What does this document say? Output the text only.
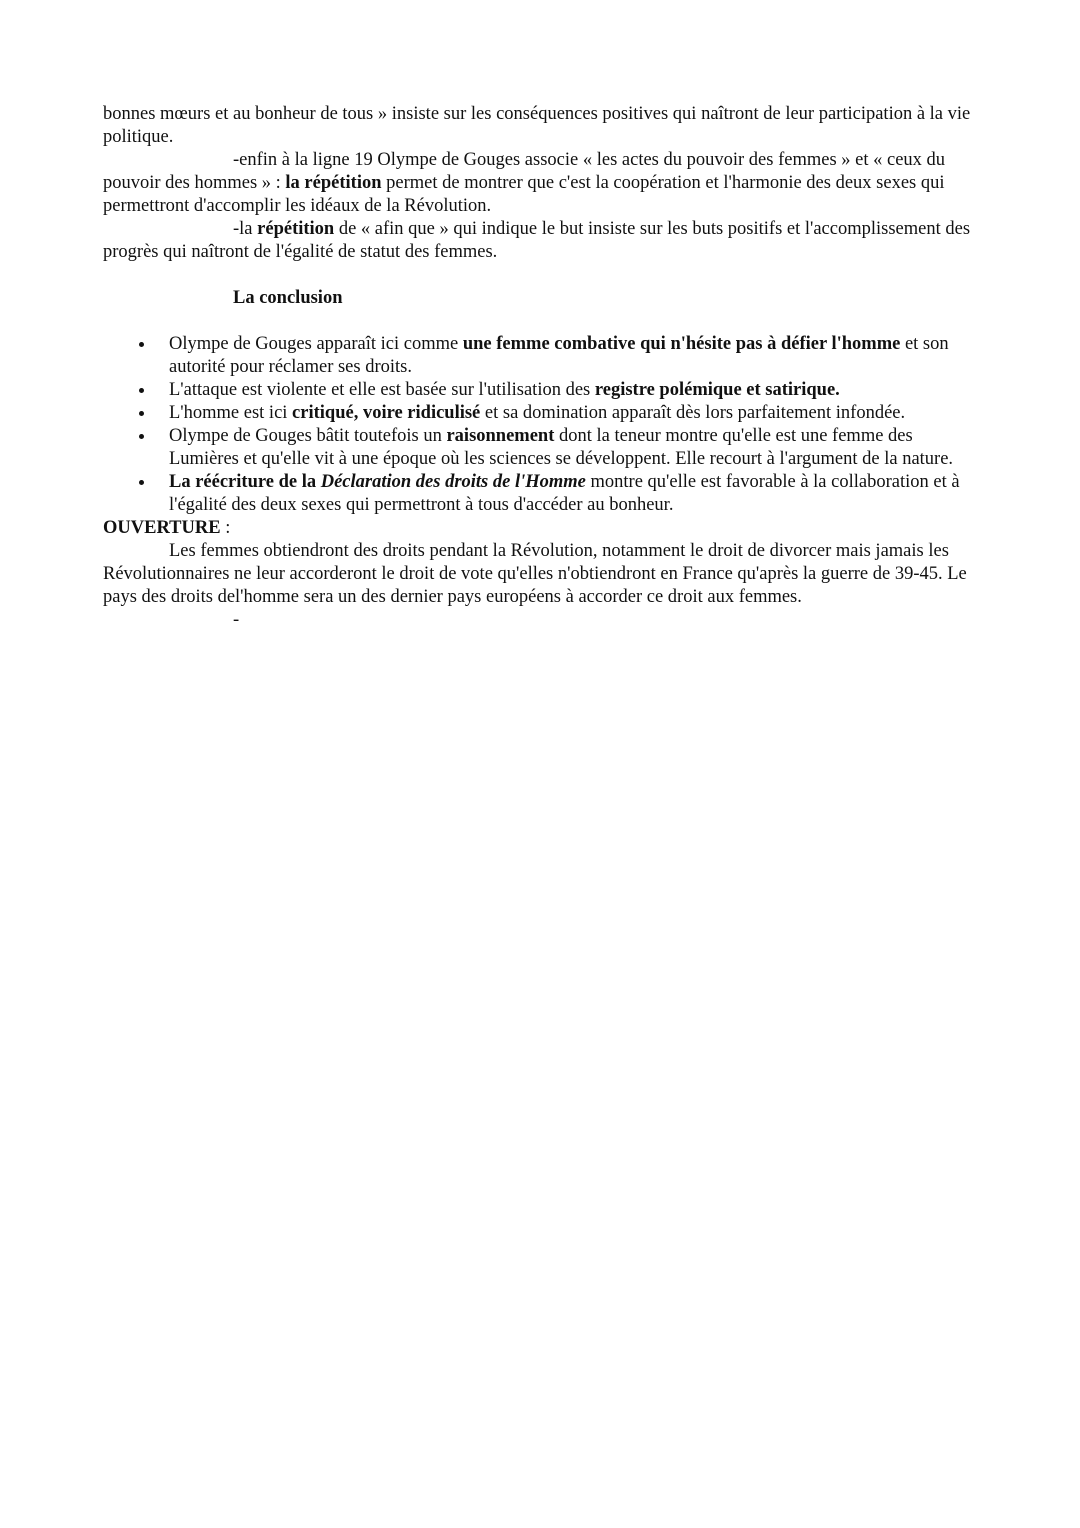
bonnes mœurs et au bonheur de tous » insiste sur les conséquences positives qui naîtront de leur participation à la vie politique.

-enfin à la ligne 19 Olympe de Gouges associe « les actes du pouvoir des femmes » et « ceux du pouvoir des hommes » : la répétition permet de montrer que c'est la coopération et l'harmonie des deux sexes qui permettront d'accomplir les idéaux de la Révolution.

-la répétition de « afin que » qui indique le but insiste sur les buts positifs et l'accomplissement des progrès qui naîtront de l'égalité de statut des femmes.

La conclusion

Olympe de Gouges apparaît ici comme une femme combative qui n'hésite pas à défier l'homme et son autorité pour réclamer ses droits.
L'attaque est violente et elle est basée sur l'utilisation des registre polémique et satirique.
L'homme est ici critiqué, voire ridiculisé et sa domination apparaît dès lors parfaitement infondée.
Olympe de Gouges bâtit toutefois un raisonnement dont la teneur montre qu'elle est une femme des Lumières et qu'elle vit à une époque où les sciences se développent. Elle recourt à l'argument de la nature.
La réécriture de la Déclaration des droits de l'Homme montre qu'elle est favorable à la collaboration et à l'égalité des deux sexes qui permettront à tous d'accéder au bonheur.

OUVERTURE :

Les femmes obtiendront des droits pendant la Révolution, notamment le droit de divorcer mais jamais les Révolutionnaires ne leur accorderont le droit de vote qu'elles n'obtiendront en France qu'après la guerre de 39-45. Le pays des droits del'homme sera un des dernier pays européens à accorder ce droit aux femmes.

-
